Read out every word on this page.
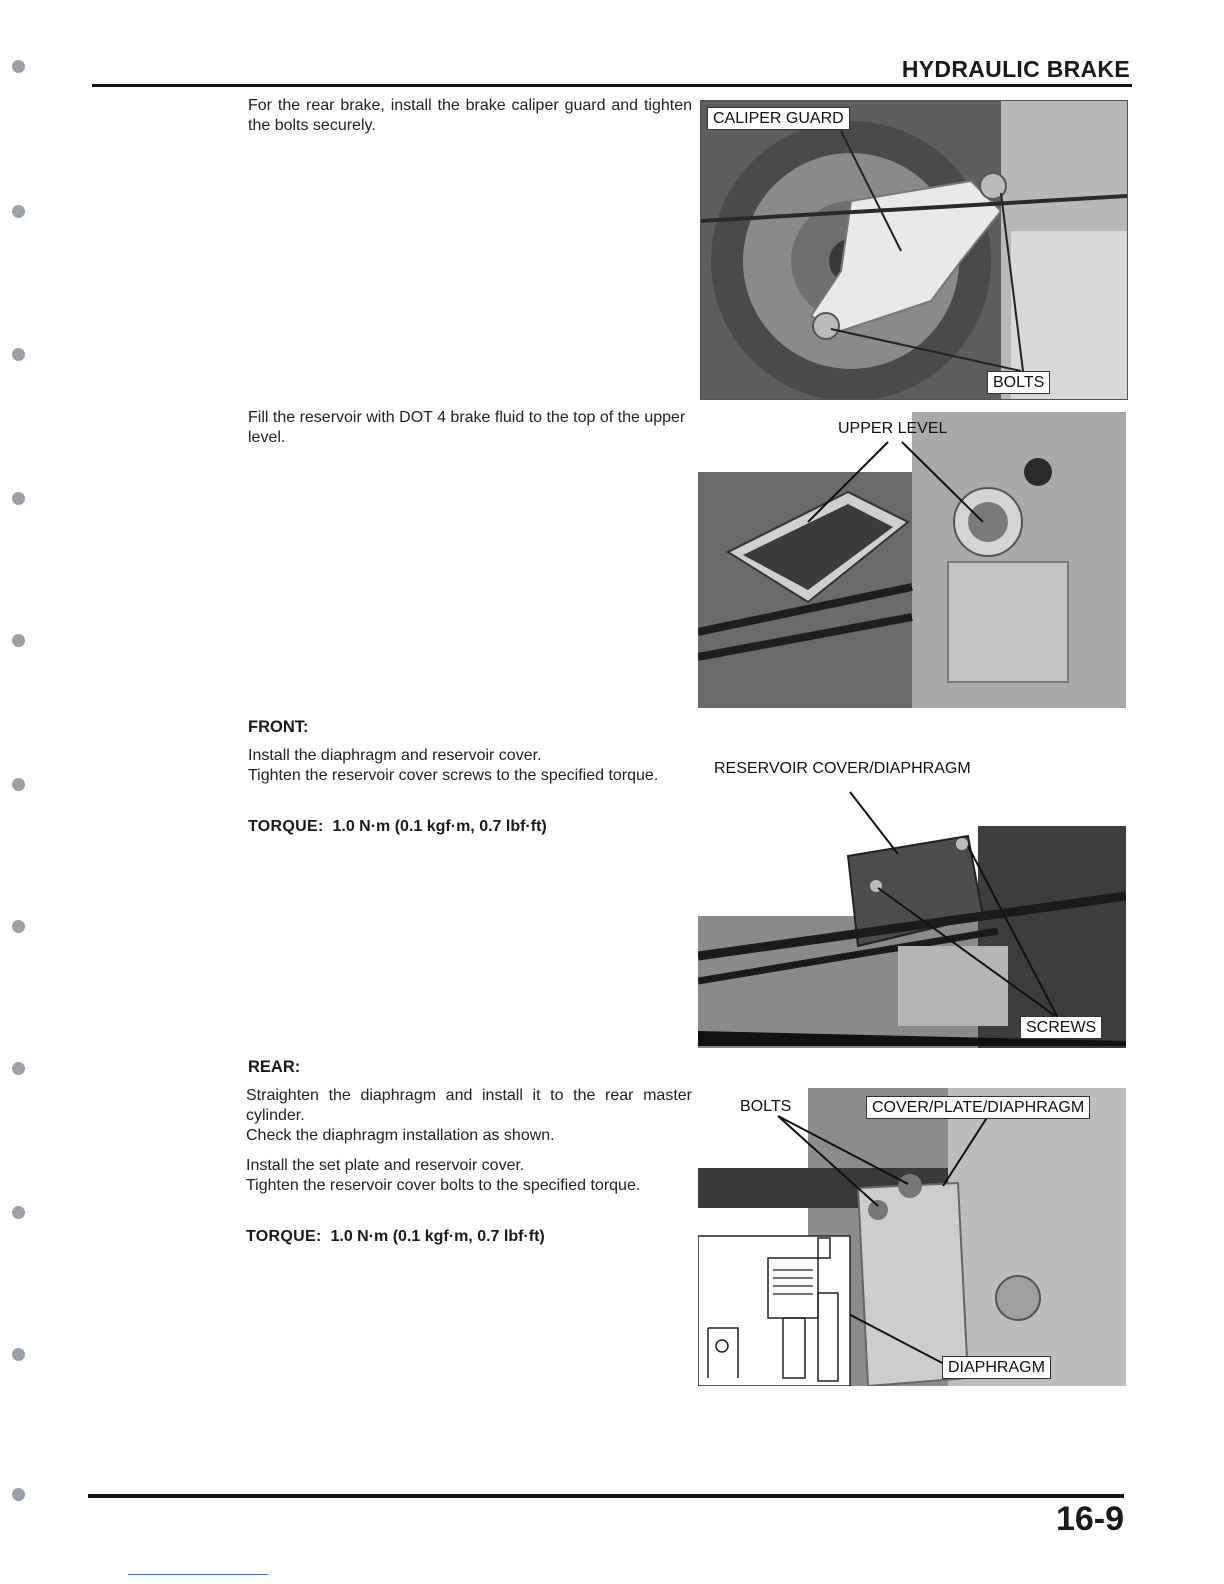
HYDRAULIC BRAKE

For the rear brake, install the brake caliper guard and tighten the bolts securely.	CALIPER GUARD
BOLTS

Fill the reservoir with DOT 4 brake fluid to the top of the upper level.

UPPER LEVEL
FRONT:

Install the diaphragm and reservoir cover.

Tighten the reservoir cover screws to the specified torque.

TORQUE: 1.0 N·m (0.1 kgf·m, 0.7 lbf·ft)
RESERVOIR COVER/DIAPHRAGM
SCREWS
REAR:

Straighten the diaphragm and install it to the rear master cylinder.

Check the diaphragm installation as shown.

Install the set plate and reservoir cover.

Tighten the reservoir cover bolts to the specified torque.

TORQUE: 1.0 N·m (0.1 kgf·m, 0.7 lbf·ft)
BOLTS	COVER/PLATE/DIAPHRAGM
DIAPHRAGM
16-9
